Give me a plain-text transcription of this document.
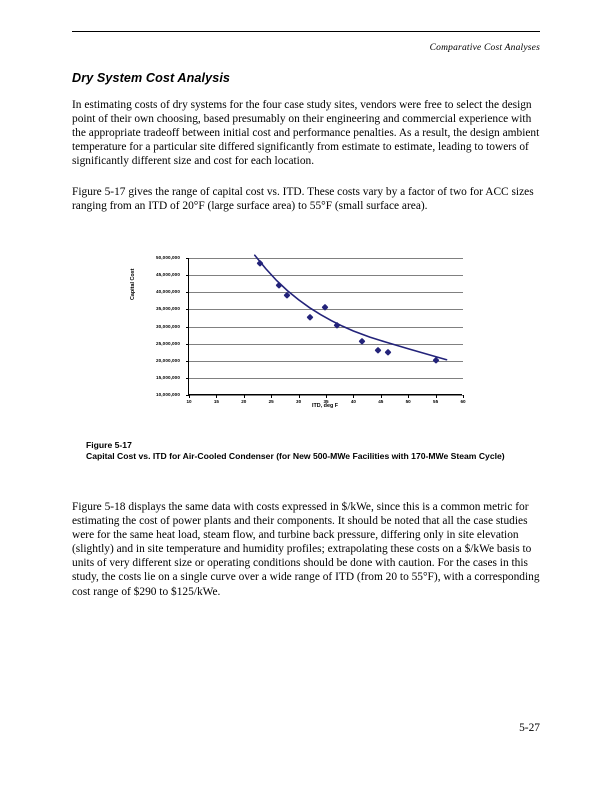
Comparative Cost Analyses
Dry System Cost Analysis
In estimating costs of dry systems for the four case study sites, vendors were free to select the design point of their own choosing, based presumably on their engineering and commercial experience with the appropriate tradeoff between initial cost and performance penalties. As a result, the design ambient temperature for a particular site differed significantly from estimate to estimate, leading to towers of significantly different size and cost for each location.
Figure 5-17 gives the range of capital cost vs. ITD. These costs vary by a factor of two for ACC sizes ranging from an ITD of 20°F (large surface area) to 55°F (small surface area).
Capital Cost
10,000,000
15,000,000
20,000,000
25,000,000
30,000,000
35,000,000
40,000,000
45,000,000
50,000,000
10	15	20	25	30	35	40	45	50	55	60
ITD, deg F
Figure 5-17
Capital Cost vs. ITD for Air-Cooled Condenser (for New 500-MWe Facilities with 170-MWe Steam Cycle)
Figure 5-18 displays the same data with costs expressed in $/kWe, since this is a common metric for estimating the cost of power plants and their components. It should be noted that all the case studies were for the same heat load, steam flow, and turbine back pressure, differing only in site elevation (slightly) and in site temperature and humidity profiles; extrapolating these costs on a $/kWe basis to units of very different size or operating conditions should be done with caution. For the cases in this study, the costs lie on a single curve over a wide range of ITD (from 20 to 55°F), with a corresponding cost range of $290 to $125/kWe.
5-27
